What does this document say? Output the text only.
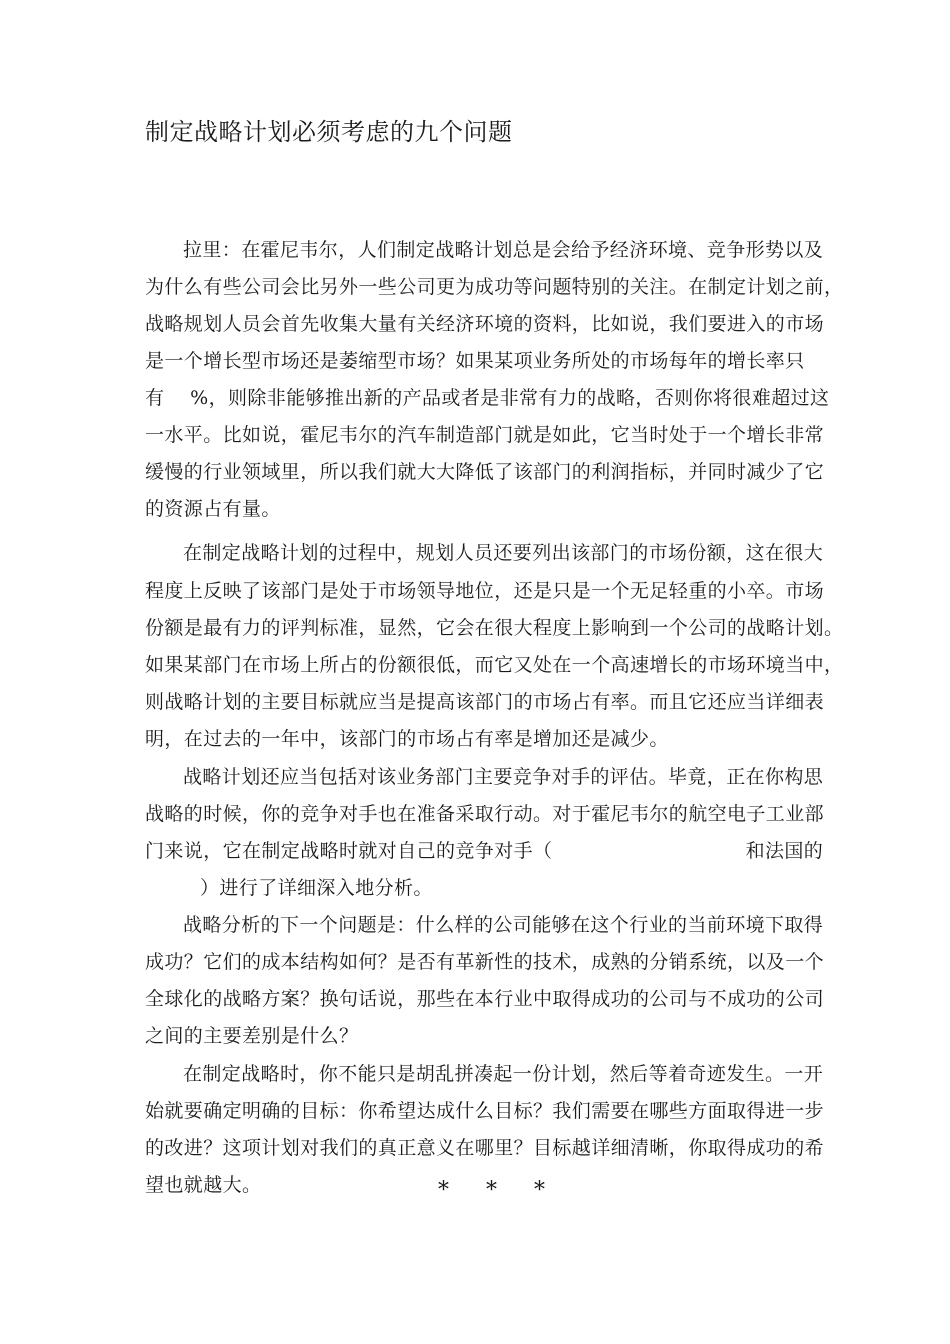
制定战略计划必须考虑的九个问题

拉里：在霍尼韦尔，人们制定战略计划总是会给予经济环境、竞争形势以及

为什么有些公司会比另外一些公司更为成功等问题特别的关注。在制定计划之前，

战略规划人员会首先收集大量有关经济环境的资料，比如说，我们要进入的市场

是一个增长型市场还是萎缩型市场？如果某项业务所处的市场每年的增长率只

有    %，则除非能够推出新的产品或者是非常有力的战略，否则你将很难超过这

一水平。比如说，霍尼韦尔的汽车制造部门就是如此，它当时处于一个增长非常

缓慢的行业领域里，所以我们就大大降低了该部门的利润指标，并同时减少了它

的资源占有量。

在制定战略计划的过程中，规划人员还要列出该部门的市场份额，这在很大

程度上反映了该部门是处于市场领导地位，还是只是一个无足轻重的小卒。市场

份额是最有力的评判标准，显然，它会在很大程度上影响到一个公司的战略计划。

如果某部门在市场上所占的份额很低，而它又处在一个高速增长的市场环境当中，

则战略计划的主要目标就应当是提高该部门的市场占有率。而且它还应当详细表

明，在过去的一年中，该部门的市场占有率是增加还是减少。

战略计划还应当包括对该业务部门主要竞争对手的评估。毕竟，正在你构思

战略的时候，你的竞争对手也在准备采取行动。对于霍尼韦尔的航空电子工业部

门来说，它在制定战略时就对自己的竞争对手（                              和法国的

）进行了详细深入地分析。

战略分析的下一个问题是：什么样的公司能够在这个行业的当前环境下取得

成功？它们的成本结构如何？是否有革新性的技术，成熟的分销系统，以及一个

全球化的战略方案？换句话说，那些在本行业中取得成功的公司与不成功的公司

之间的主要差别是什么？

在制定战略时，你不能只是胡乱拼凑起一份计划，然后等着奇迹发生。一开

始就要确定明确的目标：你希望达成什么目标？我们需要在哪些方面取得进一步

的改进？这项计划对我们的真正意义在哪里？目标越详细清晰，你取得成功的希

望也就越大。	* * *
